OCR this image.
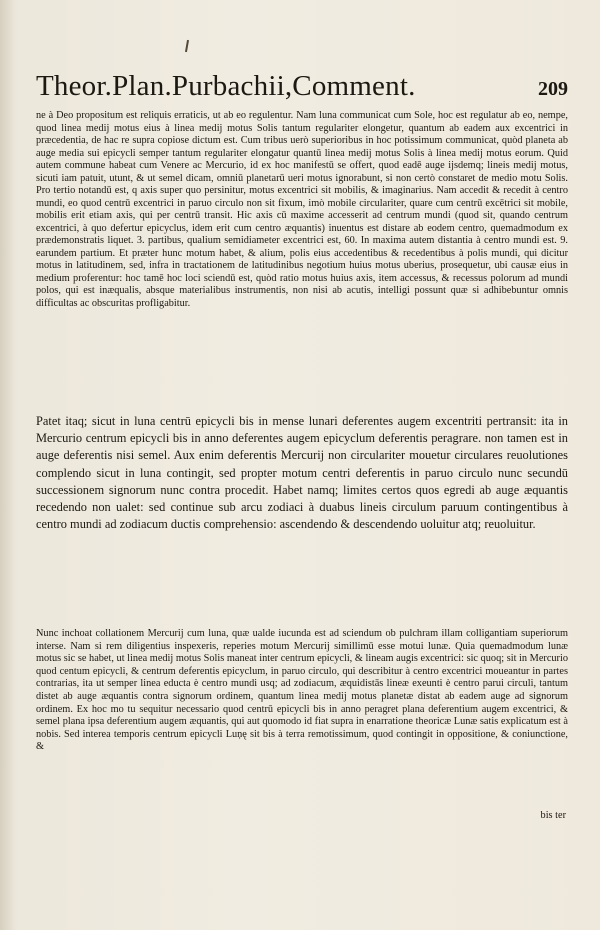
Theor.Plan.Purbachii,Comment.	209

ne à Deo propositum est reliquis erraticis, ut ab eo regulentur. Nam luna communicat cum Sole, hoc est regulatur ab eo, nempe, quod linea medij motus eius à linea medij motus Solis tantum regulariter elongetur, quantum ab eadem aux excentrici in præcedentia, de hac re supra copiose dictum est. Cum tribus uerò superioribus in hoc potissimum communicat, quòd planeta ab auge media sui epicycli semper tantum regulariter elongatur quantū linea medij motus Solis à linea medij motus eorum. Quid autem commune habeat cum Venere ac Mercurio, id ex hoc manifestū se offert, quod eadē auge ijsdemq; lineis medij motus, sicuti iam patuit, utunt, & ut semel dicam, omniū planetarū ueri motus ignorabunt, si non certò constaret de medio motu Solis. Pro tertio notandū est, q axis super quo persinitur, motus excentrici sit mobilis, & imaginarius. Nam accedit & recedit à centro mundi, eo quod centrū excentrici in paruo circulo non sit fixum, imò mobile circulariter, quare cum centrū excētrici sit mobile, mobilis erit etiam axis, qui per centrū transit. Hic axis cū maxime accesserit ad centrum mundi (quod sit, quando centrum excentrici, à quo defertur epicyclus, idem erit cum centro æquantis) inuentus est distare ab eodem centro, quemadmodum ex prædemonstratis liquet. 3. partibus, qualium semidiameter excentrici est, 60. In maxima autem distantia à centro mundi est. 9. earundem partium. Et præter hunc motum habet, & alium, polis eius accedentibus & recedentibus à polis mundi, qui dicitur motus in latitudinem, sed, infra in tractationem de latitudinibus negotium huius motus uberius, prosequetur, ubi causæ eius in medium proferentur: hoc tamē hoc loci sciendū est, quòd ratio motus huius axis, item accessus, & recessus polorum ad mundi polos, qui est inæqualis, absque materialibus instrumentis, non nisi ab acutis, intelligi possunt quæ si adhibebuntur omnis difficultas ac obscuritas profligabitur.

Patet itaq; sicut in luna centrū epicycli bis in mense lunari deferentes augem excentriti pertransit: ita in Mercurio centrum epicycli bis in anno deferentes augem epicyclum deferentis peragrare. non tamen est in auge deferentis nisi semel. Aux enim deferentis Mercurij non circulariter mouetur circulares reuolutiones complendo sicut in luna contingit, sed propter motum centri deferentis in paruo circulo nunc secundū successionem signorum nunc contra procedit. Habet namq; limites certos quos egredi ab auge æquantis recedendo non ualet: sed continue sub arcu zodiaci à duabus lineis circulum paruum contingentibus à centro mundi ad zodiacum ductis comprehensio: ascendendo & descendendo uoluitur atq; reuoluitur.

Nunc inchoat collationem Mercurij cum luna, quæ ualde iucunda est ad sciendum ob pulchram illam colligantiam superiorum interse. Nam si rem diligentius inspexeris, reperies motum Mercurij simillimū esse motui lunæ. Quia quemadmodum lunæ motus sic se habet, ut linea medij motus Solis maneat inter centrum epicycli, & lineam augis excentrici: sic quoq; sit in Mercurio quod centum epicycli, & centrum deferentis epicyclum, in paruo circulo, qui describitur à centro excentrici moueantur in partes contrarias, ita ut semper linea educta è centro mundi usq; ad zodiacum, æquidistās lineæ exeunti è centro parui circuli, tantum distet ab auge æquantis contra signorum ordinem, quantum linea medij motus planetæ distat ab eadem auge ad signorum ordinem. Ex hoc mo tu sequitur necessario quod centrū epicycli bis in anno peragret plana deferentium augem excentrici, & semel plana ipsa deferentium augem æquantis, qui aut quomodo id fiat supra in enarratione theoricæ Lunæ satis explicatum est à nobis. Sed interea temporis centrum epicycli Luņę sit bis à terra remotissimum, quod contingit in oppositione, & coniunctione, &

bis ter
